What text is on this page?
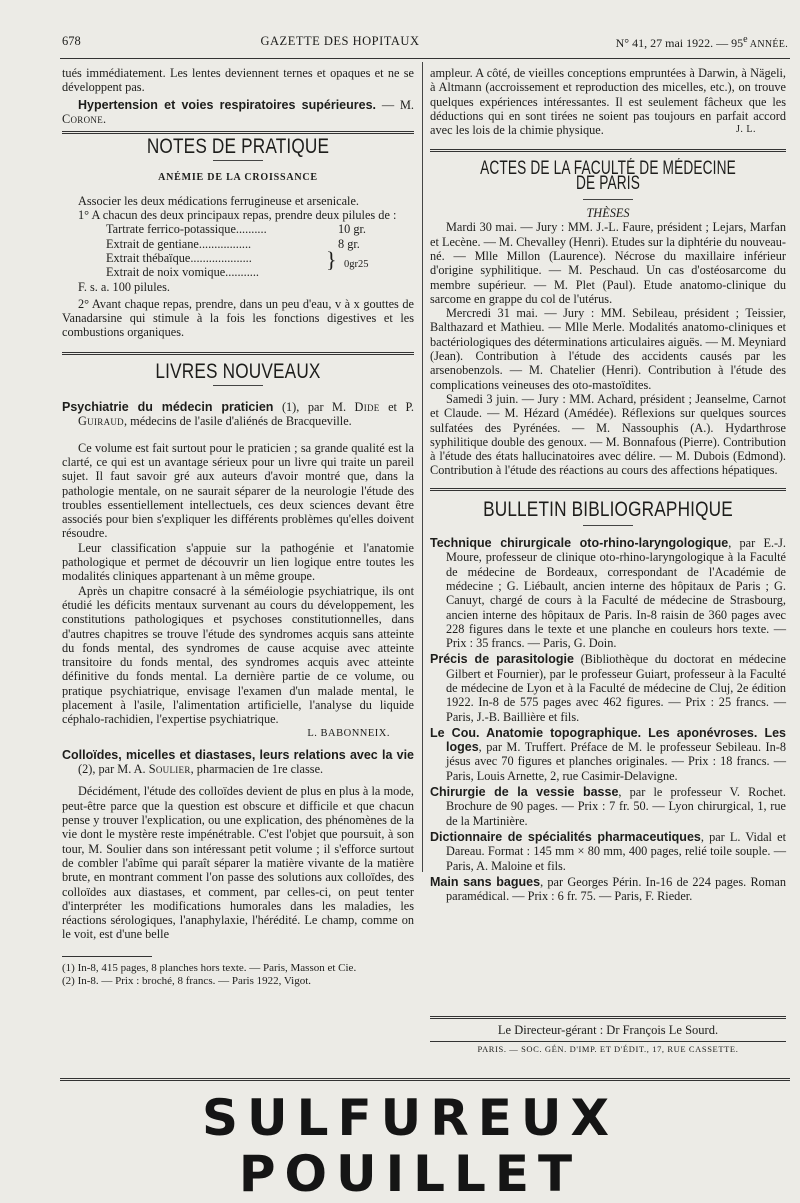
678	GAZETTE DES HOPITAUX	N° 41, 27 mai 1922. — 95e ANNÉE.

tués immédiatement. Les lentes deviennent ternes et opaques et ne se développent pas.

Hypertension et voies respiratoires supérieures. — M. Corone.

NOTES DE PRATIQUE

ANÉMIE DE LA CROISSANCE

Associer les deux médications ferrugineuse et arsenicale.

1° A chacun des deux principaux repas, prendre deux pilules de :

Tartrate ferrico-potassique..........	10 gr.
Extrait de gentiane.................	8 gr.
Extrait thébaïque....................
Extrait de noix vomique...........	} 0gr25

F. s. a. 100 pilules.

2° Avant chaque repas, prendre, dans un peu d'eau, v à x gouttes de Vanadarsine qui stimule à la fois les fonctions digestives et les combustions organiques.

LIVRES NOUVEAUX

Psychiatrie du médecin praticien (1), par M. Dide et P. Guiraud, médecins de l'asile d'aliénés de Bracqueville.

Ce volume est fait surtout pour le praticien ; sa grande qualité est la clarté, ce qui est un avantage sérieux pour un livre qui traite un pareil sujet. Il faut savoir gré aux auteurs d'avoir montré que, dans la pathologie mentale, on ne saurait séparer de la neurologie l'étude des troubles essentiellement intellectuels, ces deux sciences devant être associés pour bien s'expliquer les différents problèmes qu'elles doivent résoudre.

Leur classification s'appuie sur la pathogénie et l'anatomie pathologique et permet de découvrir un lien logique entre toutes les modalités cliniques appartenant à un même groupe.

Après un chapitre consacré à la séméiologie psychiatrique, ils ont étudié les déficits mentaux survenant au cours du développement, les constitutions pathologiques et psychoses constitutionnelles, dans d'autres chapitres se trouve l'étude des syndromes acquis sans atteinte du fonds mental, des syndromes de cause acquise avec atteinte transitoire du fonds mental, des syndromes acquis avec atteinte définitive du fonds mental. La dernière partie de ce volume, ou pratique psychiatrique, envisage l'examen d'un malade mental, le placement à l'asile, l'alimentation artificielle, l'analyse du liquide céphalo-rachidien, l'expertise psychiatrique.

L. BABONNEIX.

Colloïdes, micelles et diastases, leurs relations avec la vie (2), par M. A. Soulier, pharmacien de 1re classe.

Décidément, l'étude des colloïdes devient de plus en plus à la mode, peut-être parce que la question est obscure et difficile et que chacun pense y trouver l'explication, ou une explication, des phénomènes de la vie dont le mystère reste impénétrable. C'est l'objet que poursuit, à son tour, M. Soulier dans son intéressant petit volume ; il s'efforce surtout de combler l'abîme qui paraît séparer la matière vivante de la matière brute, en montrant comment l'on passe des solutions aux colloïdes, des colloïdes aux diastases, et comment, par celles-ci, on peut tenter d'interpréter les modifications humorales dans les maladies, les réactions sérologiques, l'anaphylaxie, l'hérédité. Le champ, comme on le voit, est d'une belle

(1) In-8, 415 pages, 8 planches hors texte. — Paris, Masson et Cie.

(2) In-8. — Prix : broché, 8 francs. — Paris 1922, Vigot.

ampleur. A côté, de vieilles conceptions empruntées à Darwin, à Nägeli, à Altmann (accroissement et reproduction des micelles, etc.), on trouve quelques expériences intéressantes. Il est seulement fâcheux que les déductions qui en sont tirées ne soient pas toujours en parfait accord avec les lois de la chimie physique.	J. L.

ACTES DE LA FACULTÉ DE MÉDECINE DE PARIS

THÈSES

Mardi 30 mai. — Jury : MM. J.-L. Faure, président ; Lejars, Marfan et Lecène. — M. Chevalley (Henri). Etudes sur la diphtérie du nouveau-né. — Mlle Millon (Laurence). Nécrose du maxillaire inférieur d'origine syphilitique. — M. Peschaud. Un cas d'ostéosarcome du membre supérieur. — M. Plet (Paul). Etude anatomo-clinique du sarcome en grappe du col de l'utérus.

Mercredi 31 mai. — Jury : MM. Sebileau, président ; Teissier, Balthazard et Mathieu. — Mlle Merle. Modalités anatomo-cliniques et bactériologiques des déterminations articulaires aiguës. — M. Meyniard (Jean). Contribution à l'étude des accidents causés par les arsenobenzols. — M. Chatelier (Henri). Contribution à l'étude des complications veineuses des oto-mastoïdites.

Samedi 3 juin. — Jury : MM. Achard, président ; Jeanselme, Carnot et Claude. — M. Hézard (Amédée). Réflexions sur quelques sources sulfatées des Pyrénées. — M. Nassouphis (A.). Hydarthrose syphilitique double des genoux. — M. Bonnafous (Pierre). Contribution à l'étude des états hallucinatoires avec délire. — M. Dubois (Edmond). Contribution à l'étude des réactions au cours des affections hépatiques.

BULLETIN BIBLIOGRAPHIQUE

Technique chirurgicale oto-rhino-laryngologique, par E.-J. Moure, professeur de clinique oto-rhino-laryngologique à la Faculté de médecine de Bordeaux, correspondant de l'Académie de médecine ; G. Liébault, ancien interne des hôpitaux de Paris ; G. Canuyt, chargé de cours à la Faculté de médecine de Strasbourg, ancien interne des hôpitaux de Paris. In-8 raisin de 360 pages avec 228 figures dans le texte et une planche en couleurs hors texte. — Prix : 35 francs. — Paris, G. Doin.

Précis de parasitologie (Bibliothèque du doctorat en médecine Gilbert et Fournier), par le professeur Guiart, professeur à la Faculté de médecine de Lyon et à la Faculté de médecine de Cluj, 2e édition 1922. In-8 de 575 pages avec 462 figures. — Prix : 25 francs. — Paris, J.-B. Baillière et fils.

Le Cou. Anatomie topographique. Les aponévroses. Les loges, par M. Truffert. Préface de M. le professeur Sebileau. In-8 jésus avec 70 figures et planches originales. — Prix : 18 francs. — Paris, Louis Arnette, 2, rue Casimir-Delavigne.

Chirurgie de la vessie basse, par le professeur V. Rochet. Brochure de 90 pages. — Prix : 7 fr. 50. — Lyon chirurgical, 1, rue de la Martinière.

Dictionnaire de spécialités pharmaceutiques, par L. Vidal et Dareau. Format : 145 mm × 80 mm, 400 pages, relié toile souple. — Paris, A. Maloine et fils.

Main sans bagues, par Georges Périn. In-16 de 224 pages. Roman paramédical. — Prix : 6 fr. 75. — Paris, F. Rieder.

Le Directeur-gérant : Dr François Le Sourd.

PARIS. — SOC. GÉN. D'IMP. ET D'ÉDIT., 17, RUE CASSETTE.

SULFUREUX POUILLET
